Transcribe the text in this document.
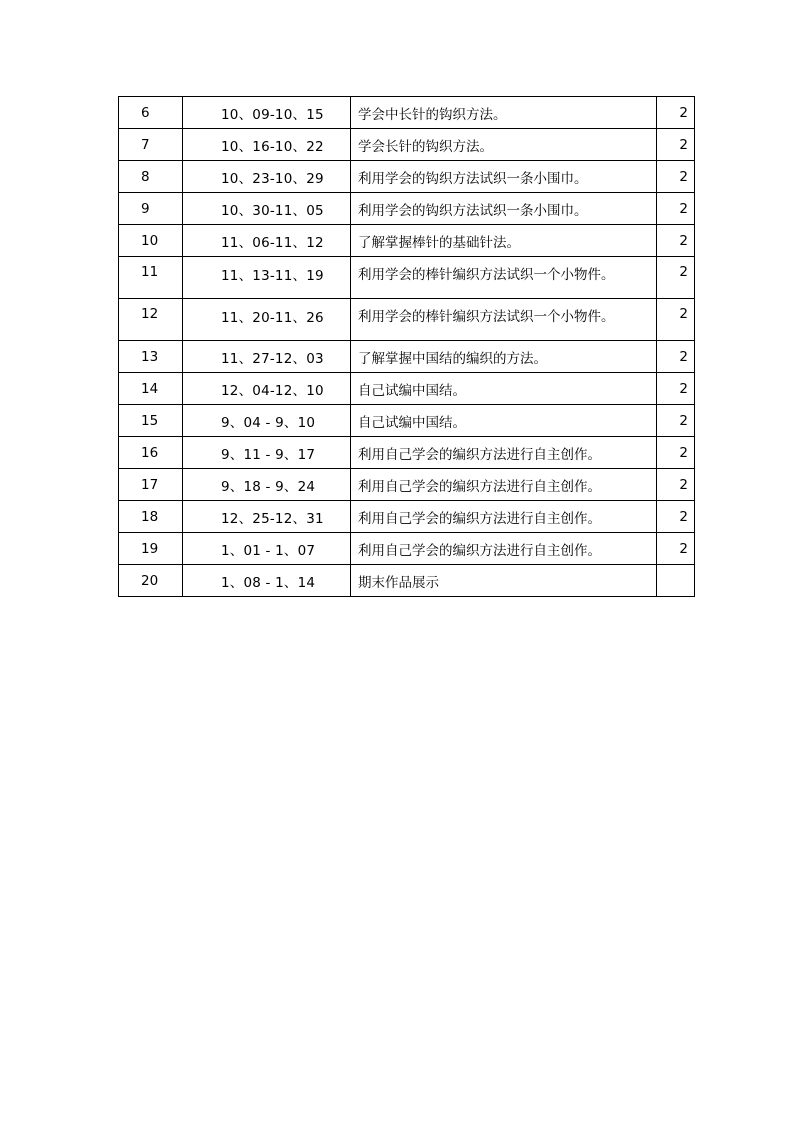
6	10、09-10、15	学会中长针的钩织方法。	2
7	10、16-10、22	学会长针的钩织方法。	2
8	10、23-10、29	利用学会的钩织方法试织一条小围巾。	2
9	10、30-11、05	利用学会的钩织方法试织一条小围巾。	2
10	11、06-11、12	了解掌握棒针的基础针法。	2
11	11、13-11、19	利用学会的棒针编织方法试织一个小物件。	2
12	11、20-11、26	利用学会的棒针编织方法试织一个小物件。	2
13	11、27-12、03	了解掌握中国结的编织的方法。	2
14	12、04-12、10	自己试编中国结。	2
15	9、04 - 9、10	自己试编中国结。	2
16	9、11 - 9、17	利用自己学会的编织方法进行自主创作。	2
17	9、18 - 9、24	利用自己学会的编织方法进行自主创作。	2
18	12、25-12、31	利用自己学会的编织方法进行自主创作。	2
19	1、01 - 1、07	利用自己学会的编织方法进行自主创作。	2
20	1、08 - 1、14	期末作品展示	
